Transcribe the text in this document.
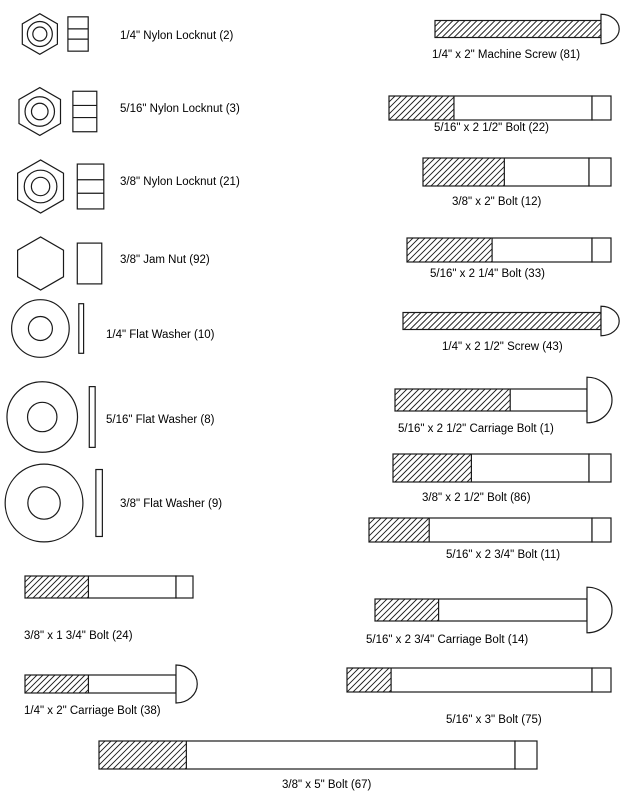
1/4" Nylon Locknut (2)
5/16" Nylon Locknut (3)
3/8" Nylon Locknut (21)
3/8" Jam Nut (92)
1/4" Flat Washer (10)
5/16" Flat Washer (8)
3/8" Flat Washer (9)
3/8" x 1 3/4" Bolt (24)
1/4" x 2" Carriage Bolt (38)
1/4" x 2" Machine Screw (81)
5/16" x 2 1/2" Bolt (22)
3/8" x 2" Bolt (12)
5/16" x 2 1/4" Bolt (33)
1/4" x 2 1/2" Screw (43)
5/16" x 2 1/2" Carriage Bolt (1)
3/8" x 2 1/2" Bolt (86)
5/16" x 2 3/4" Bolt (11)
5/16" x 2 3/4" Carriage Bolt (14)
5/16" x 3" Bolt (75)
3/8" x 5" Bolt (67)
